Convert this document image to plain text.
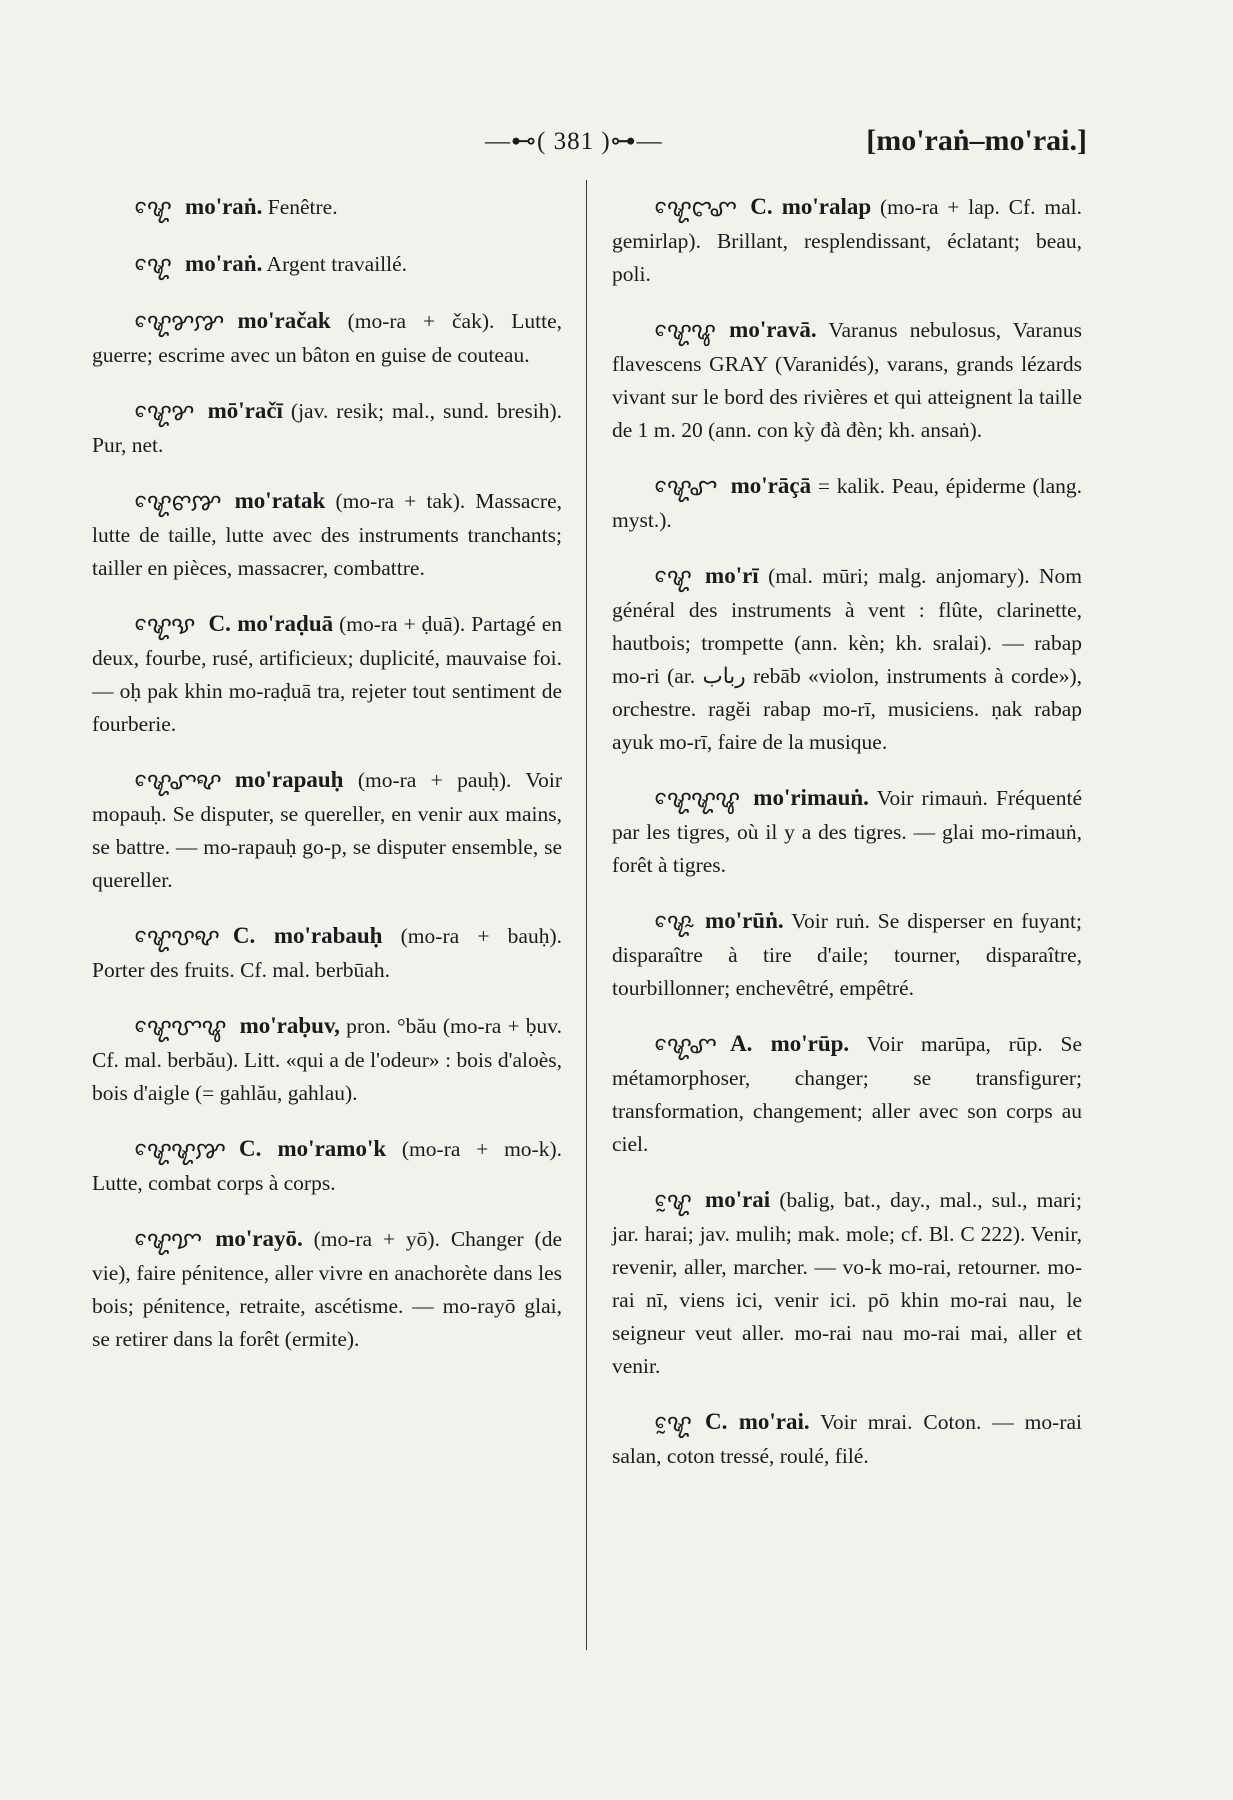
—⊷( 381 )⊶—	[mo'raṅ–mo'rai.]

ꨠꨯ mo'raṅ. Fenêtre.

ꨠꨯ mo'raṅ. Argent travaillé.

ꨠꨯꨌꨇ mo'račak (mo-ra + čak). Lutte, guerre; escrime avec un bâton en guise de couteau.

ꨠꨯꨌ mō'račī (jav. resik; mal., sund. bresih). Pur, net.

ꨠꨯꨓꨇ mo'ratak (mo-ra + tak). Massacre, lutte de taille, lutte avec des instruments tranchants; tailler en pièces, massacrer, combattre.

ꨠꨯꨕ C. mo'raḍuā (mo-ra + ḍuā). Partagé en deux, fourbe, rusé, artificieux; duplicité, mauvaise foi. — oḥ pak khin mo-raḍuā tra, rejeter tout sentiment de fourberie.

ꨠꨯꨚꨦ mo'rapauḥ (mo-ra + pauḥ). Voir mopauḥ. Se disputer, se quereller, en venir aux mains, se battre. — mo-rapauḥ go-p, se disputer ensemble, se quereller.

ꨠꨯꨝꨦ C. mo'rabauḥ (mo-ra + bauḥ). Porter des fruits. Cf. mal. berbūah.

ꨠꨯꨞꨥ mo'raḅuv, pron. °bău (mo-ra + ḅuv. Cf. mal. berbău). Litt. «qui a de l'odeur» : bois d'aloès, bois d'aigle (= gahlău, gahlau).

ꨠꨯꨠꨇ C. mo'ramo'k (mo-ra + mo-k). Lutte, combat corps à corps.

ꨠꨯꨢ mo'rayō. (mo-ra + yō). Changer (de vie), faire pénitence, aller vivre en anachorète dans les bois; pénitence, retraite, ascétisme. — mo-rayō glai, se retirer dans la forêt (ermite).

ꨠꨯꨤꨚ C. mo'ralap (mo-ra + lap. Cf. mal. gemirlap). Brillant, resplendissant, éclatant; beau, poli.

ꨠꨯꨥ mo'ravā. Varanus nebulosus, Varanus flavescens GRAY (Varanidés), varans, grands lézards vivant sur le bord des rivières et qui atteignent la taille de 1 m. 20 (ann. con kỳ đà đèn; kh. ansaṅ).

ꨠꨯꨧ mo'rāçā = kalik. Peau, épiderme (lang. myst.).

ꨠꨯ mo'rī (mal. mūri; malg. anjomary). Nom général des instruments à vent : flûte, clarinette, hautbois; trompette (ann. kèn; kh. sralai). — rabap mo-ri (ar. رباب rebāb «violon, instruments à corde»), orchestre. ragĕi rabap mo-rī, musiciens. ṇak rabap ayuk mo-rī, faire de la musique.

ꨠꨯꨠꨥ mo'rimauṅ. Voir rimauṅ. Fréquenté par les tigres, où il y a des tigres. — glai mo-rimauṅ, forêt à tigres.

ꨠꨯꨭ mo'rūṅ. Voir ruṅ. Se disperser en fuyant; disparaître à tire d'aile; tourner, disparaître, tourbillonner; enchevêtré, empêtré.

ꨠꨯꨚ A. mo'rūp. Voir marūpa, rūp. Se métamorphoser, changer; se transfigurer; transformation, changement; aller avec son corps au ciel.

ꨠꨰ mo'rai (balig, bat., day., mal., sul., mari; jar. harai; jav. mulih; mak. mole; cf. Bl. C 222). Venir, revenir, aller, marcher. — vo-k mo-rai, retourner. mo-rai nī, viens ici, venir ici. pō khin mo-rai nau, le seigneur veut aller. mo-rai nau mo-rai mai, aller et venir.

ꨠꨰ C. mo'rai. Voir mrai. Coton. — mo-rai salan, coton tressé, roulé, filé.
